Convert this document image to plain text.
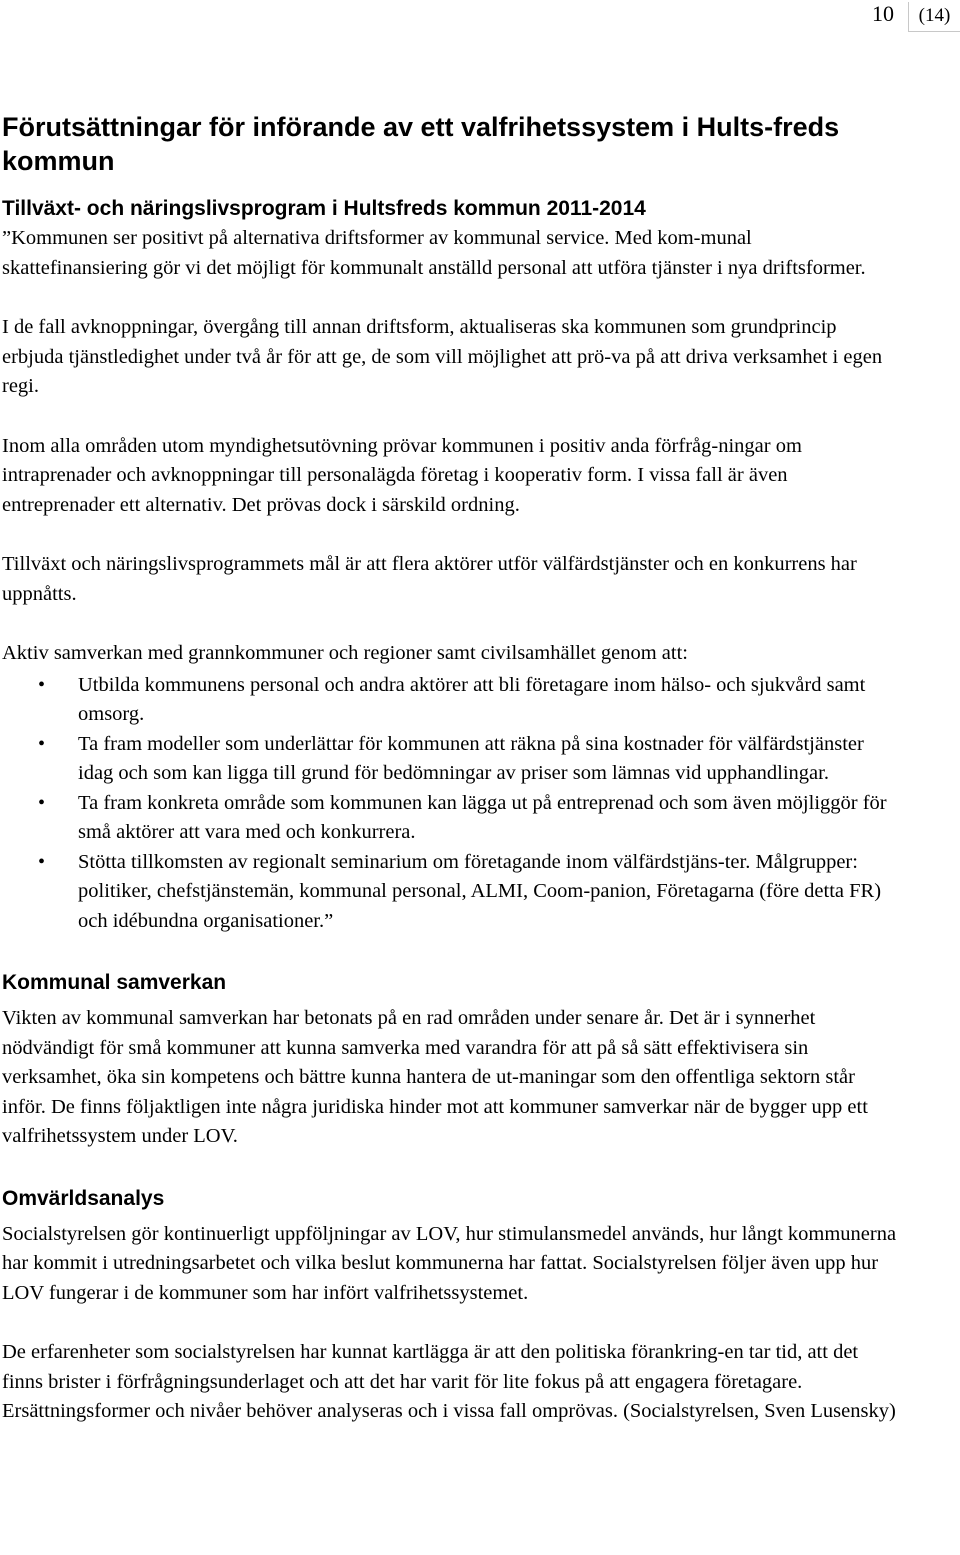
10 (14)
Förutsättningar för införande av ett valfrihetssystem i Hults-freds kommun
Tillväxt- och näringslivsprogram i Hultsfreds kommun 2011-2014

”Kommunen ser positivt på alternativa driftsformer av kommunal service. Med kom-munal skattefinansiering gör vi det möjligt för kommunalt anställd personal att utföra tjänster i nya driftsformer.

I de fall avknoppningar, övergång till annan driftsform, aktualiseras ska kommunen som grundprincip erbjuda tjänstledighet under två år för att ge, de som vill möjlighet att prö-va på att driva verksamhet i egen regi.

Inom alla områden utom myndighetsutövning prövar kommunen i positiv anda förfråg-ningar om intraprenader och avknoppningar till personalägda företag i kooperativ form. I vissa fall är även entreprenader ett alternativ. Det prövas dock i särskild ordning.

Tillväxt och näringslivsprogrammets mål är att flera aktörer utför välfärdstjänster och en konkurrens har uppnåtts.

Aktiv samverkan med grannkommuner och regioner samt civilsamhället genom att:

• Utbilda kommunens personal och andra aktörer att bli företagare inom hälso- och sjukvård samt omsorg.
• Ta fram modeller som underlättar för kommunen att räkna på sina kostnader för välfärdstjänster idag och som kan ligga till grund för bedömningar av priser som lämnas vid upphandlingar.
• Ta fram konkreta område som kommunen kan lägga ut på entreprenad och som även möjliggör för små aktörer att vara med och konkurrera.
• Stötta tillkomsten av regionalt seminarium om företagande inom välfärdstjäns-ter. Målgrupper: politiker, chefstjänstemän, kommunal personal, ALMI, Coom-panion, Företagarna (före detta FR) och idébundna organisationer.”
Kommunal samverkan

Vikten av kommunal samverkan har betonats på en rad områden under senare år. Det är i synnerhet nödvändigt för små kommuner att kunna samverka med varandra för att på så sätt effektivisera sin verksamhet, öka sin kompetens och bättre kunna hantera de ut-maningar som den offentliga sektorn står inför. De finns följaktligen inte några juridiska hinder mot att kommuner samverkar när de bygger upp ett valfrihetssystem under LOV.

Omvärldsanalys

Socialstyrelsen gör kontinuerligt uppföljningar av LOV, hur stimulansmedel används, hur långt kommunerna har kommit i utredningsarbetet och vilka beslut kommunerna har fattat. Socialstyrelsen följer även upp hur LOV fungerar i de kommuner som har infört valfrihetssystemet.

De erfarenheter som socialstyrelsen har kunnat kartlägga är att den politiska förankring-en tar tid, att det finns brister i förfrågningsunderlaget och att det har varit för lite fokus på att engagera företagare. Ersättningsformer och nivåer behöver analyseras och i vissa fall omprövas. (Socialstyrelsen, Sven Lusensky)
